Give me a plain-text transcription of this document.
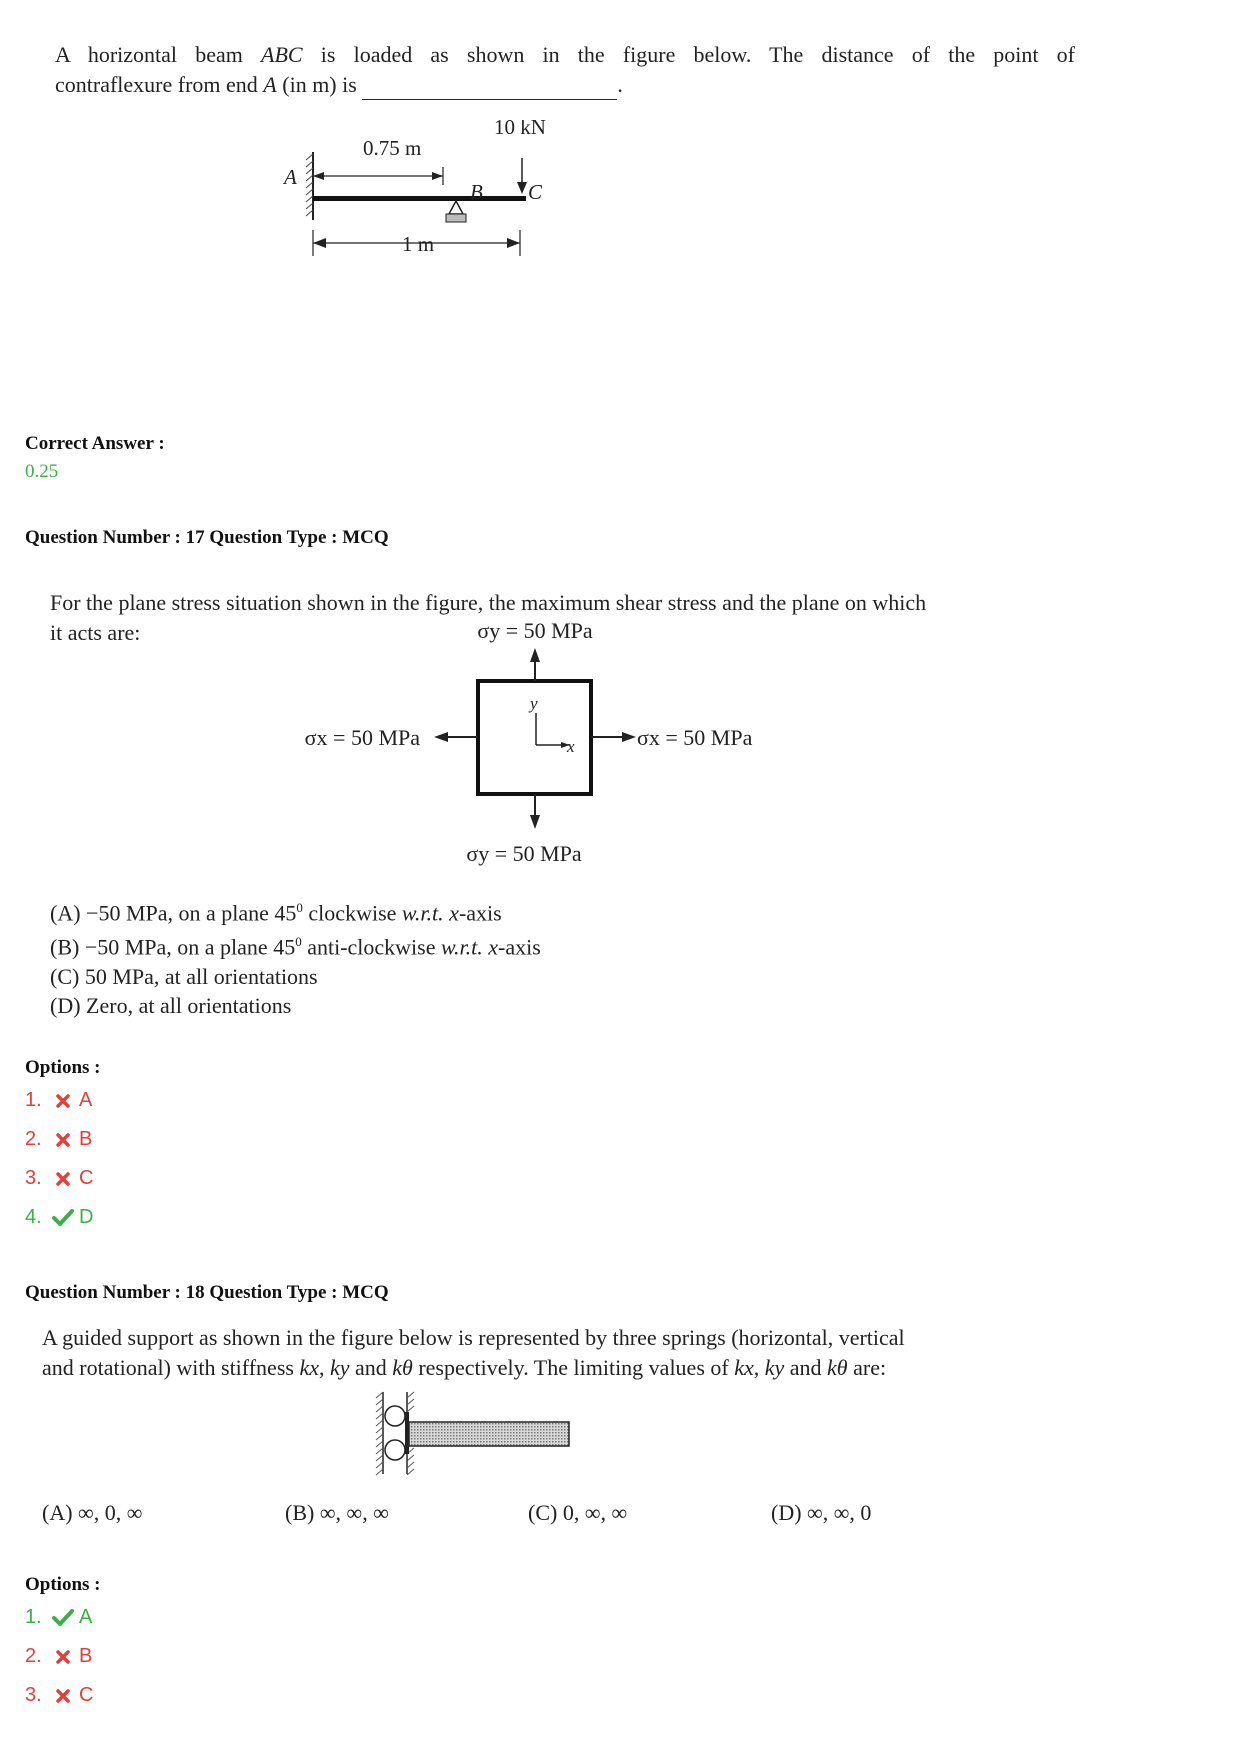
A horizontal beam ABC is loaded as shown in the figure below. The distance of the point of
contraflexure from end A (in m) is	.
A
B C
0.75 m
10 kN
1 m
Correct Answer :
0.25
Question Number : 17 Question Type : MCQ
For the plane stress situation shown in the figure, the maximum shear stress and the plane on which
it acts are:
y
x
σy = 50 MPa
σy = 50 MPa
σx = 50 MPa	σx = 50 MPa
(A) −50 MPa, on a plane $45^0$ clockwise w.r.t. x-axis
(B) −50 MPa, on a plane $45^0$ anti-clockwise w.r.t. x-axis
(C) 50 MPa, at all orientations
(D) Zero, at all orientations
Options :
1.	A
2.	B
3.	C
4.	D
Question Number : 18 Question Type : MCQ
A guided support as shown in the figure below is represented by three springs (horizontal, vertical
and rotational) with stiffness kx, ky and kθ respectively. The limiting values of kx, ky and kθ are:
(A) ∞, 0, ∞	(B) ∞, ∞, ∞	(C) 0, ∞, ∞	(D) ∞, ∞, 0
Options :
1.	A
2.	B
3.	C
